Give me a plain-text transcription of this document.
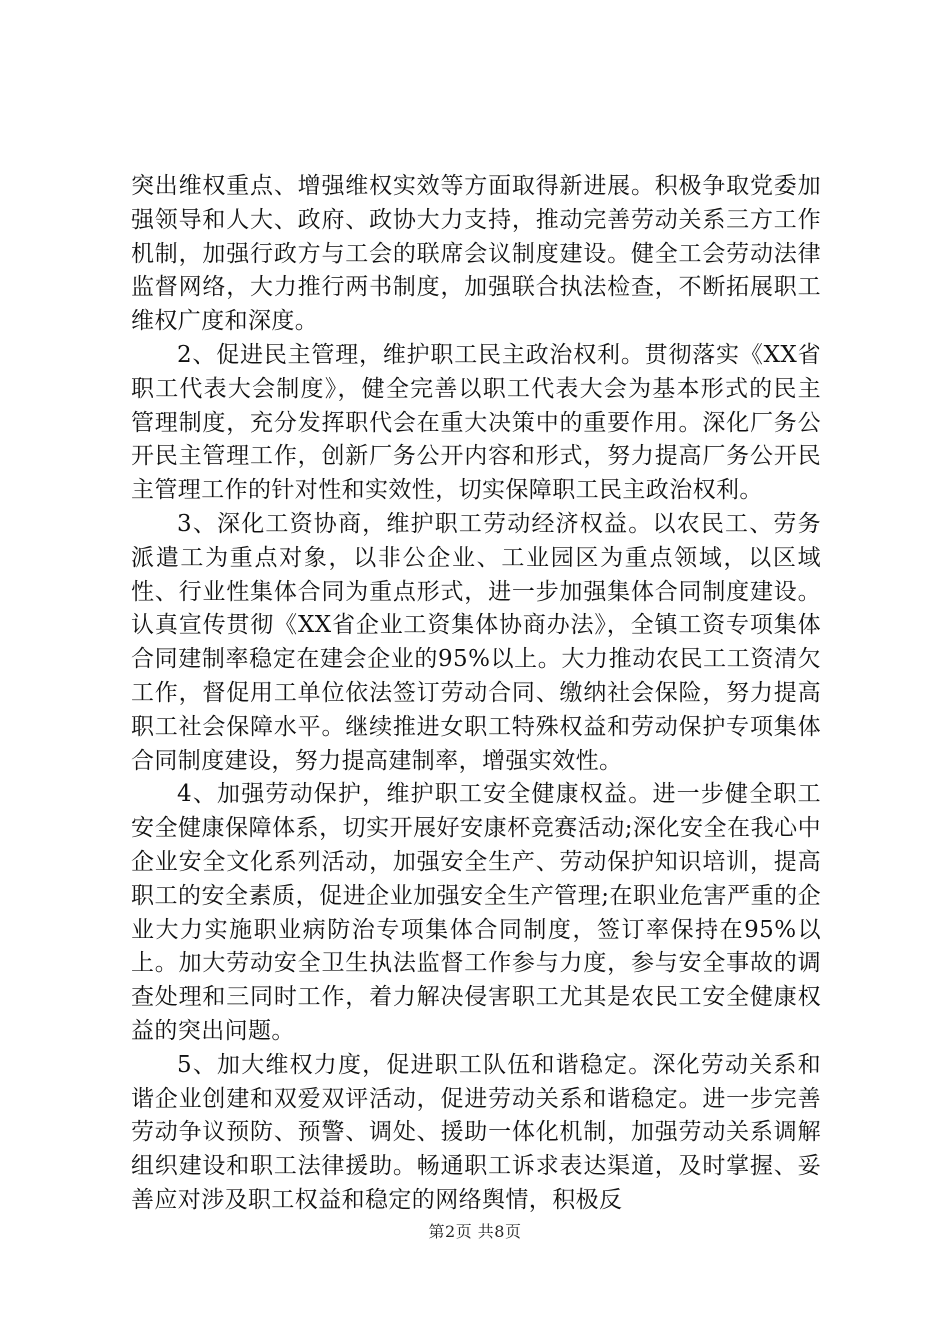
突出维权重点、增强维权实效等方面取得新进展。积极争取党委加强领导和人大、政府、政协大力支持，推动完善劳动关系三方工作机制，加强行政方与工会的联席会议制度建设。健全工会劳动法律监督网络，大力推行两书制度，加强联合执法检查，不断拓展职工维权广度和深度。

2、促进民主管理，维护职工民主政治权利。贯彻落实《XX省职工代表大会制度》，健全完善以职工代表大会为基本形式的民主管理制度，充分发挥职代会在重大决策中的重要作用。深化厂务公开民主管理工作，创新厂务公开内容和形式，努力提高厂务公开民主管理工作的针对性和实效性，切实保障职工民主政治权利。

3、深化工资协商，维护职工劳动经济权益。以农民工、劳务派遣工为重点对象，以非公企业、工业园区为重点领域，以区域性、行业性集体合同为重点形式，进一步加强集体合同制度建设。认真宣传贯彻《XX省企业工资集体协商办法》，全镇工资专项集体合同建制率稳定在建会企业的95%以上。大力推动农民工工资清欠工作，督促用工单位依法签订劳动合同、缴纳社会保险，努力提高职工社会保障水平。继续推进女职工特殊权益和劳动保护专项集体合同制度建设，努力提高建制率，增强实效性。

4、加强劳动保护，维护职工安全健康权益。进一步健全职工安全健康保障体系，切实开展好安康杯竞赛活动;深化安全在我心中企业安全文化系列活动，加强安全生产、劳动保护知识培训，提高职工的安全素质，促进企业加强安全生产管理;在职业危害严重的企业大力实施职业病防治专项集体合同制度，签订率保持在95%以上。加大劳动安全卫生执法监督工作参与力度，参与安全事故的调查处理和三同时工作，着力解决侵害职工尤其是农民工安全健康权益的突出问题。

5、加大维权力度，促进职工队伍和谐稳定。深化劳动关系和谐企业创建和双爱双评活动，促进劳动关系和谐稳定。进一步完善劳动争议预防、预警、调处、援助一体化机制，加强劳动关系调解组织建设和职工法律援助。畅通职工诉求表达渠道，及时掌握、妥善应对涉及职工权益和稳定的网络舆情，积极反

第2页 共8页
